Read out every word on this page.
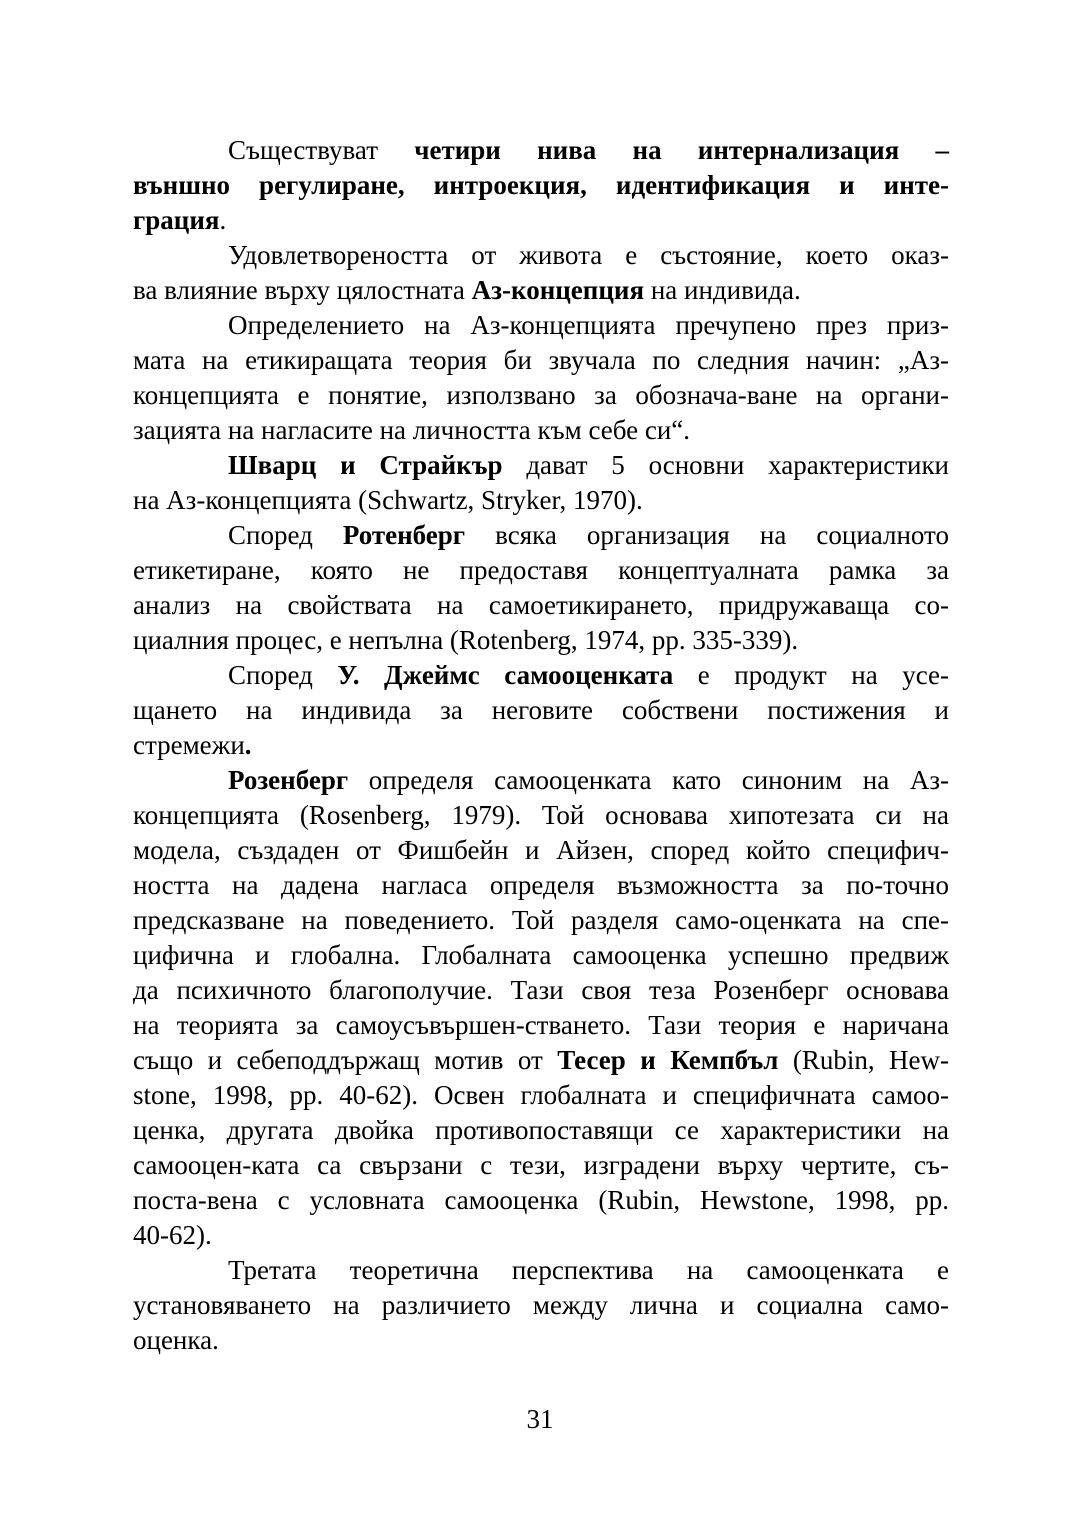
Съществуват четири нива на интернализация –
външно регулиране, интроекция, идентификация и инте-
грация.
Удовлетвореността от живота е състояние, което оказ-
ва влияние върху цялостната Аз-концепция на индивида.
Определението на Аз-концепцията пречупено през приз-
мата на етикиращата теория би звучала по следния начин: „Аз-
концепцията е понятие, използвано за обознача-ване на органи-
зацията на нагласите на личността към себе си“.
Шварц и Страйкър дават 5 основни характеристики
на Аз-концепцията (Schwartz, Stryker, 1970).
Според Ротенберг всяка организация на социалното
етикетиране, която не предоставя концептуалната рамка за
анализ на свойствата на самоетикирането, придружаваща со-
циалния процес, е непълна (Rotenberg, 1974, pp. 335-339).
Според У. Джеймс самооценката е продукт на усе-
щането на индивида за неговите собствени постижения и
стремежи.
Розенберг определя самооценката като синоним на Аз-
концепцията (Rosenberg, 1979). Той основава хипотезата си на
модела, създаден от Фишбейн и Айзен, според който специфич-
ността на дадена нагласа определя възможността за по-точно
предсказване на поведението. Той разделя само-оценката на спе-
цифична и глобална. Глобалната самооценка успешно предвиж
да психичното благополучие. Тази своя теза Розенберг основава
на теорията за самоусъвършен-стването. Тази теория е наричана
също и себеподдържащ мотив от Тесер и Кемпбъл (Rubin, Hew-
stone, 1998, pp. 40-62). Освен глобалната и специфичната самоо-
ценка, другата двойка противопоставящи се характеристики на
самооцен-ката са свързани с тези, изградени върху чертите, съ-
поста-вена с условната самооценка (Rubin, Hewstone, 1998, pp.
40-62).
Третата теоретична перспектива на самооценката е
установяването на различието между лична и социална само-
оценка.
31
